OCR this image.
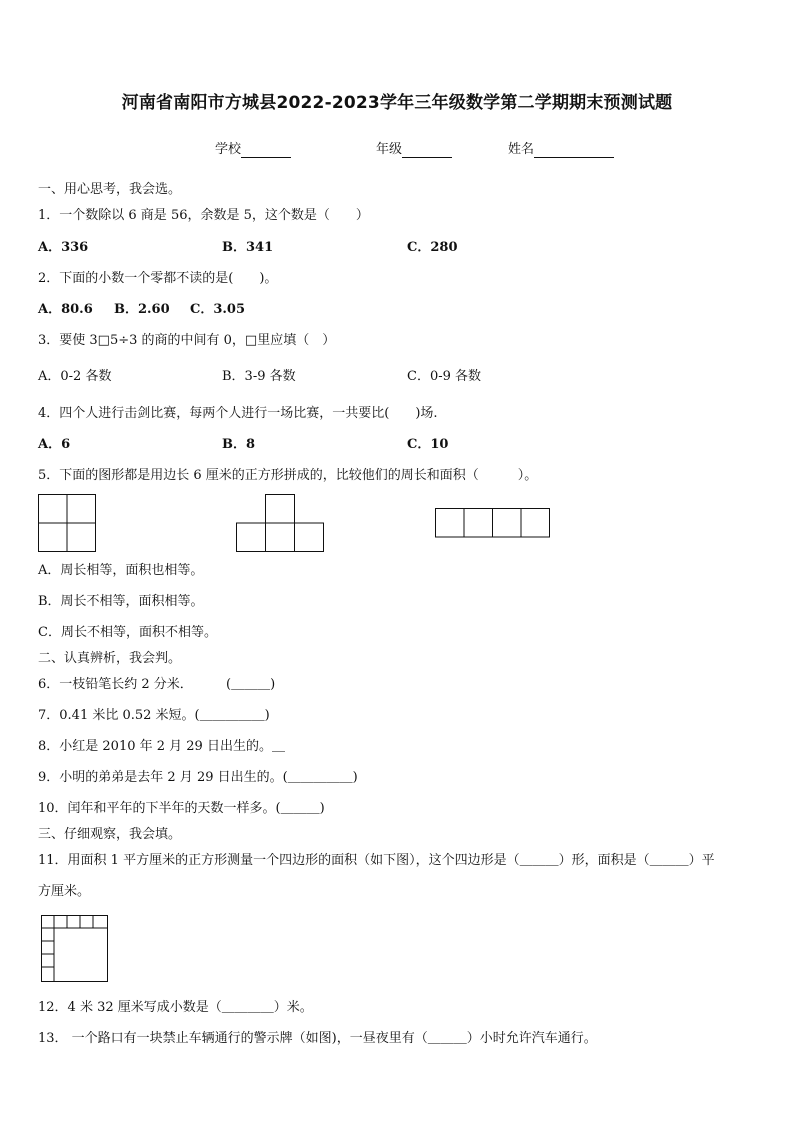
河南省南阳市方城县2022-2023学年三年级数学第二学期期末预测试题
学校	年级	姓名
一、用心思考，我会选。
1．一个数除以 6 商是 56，余数是 5，这个数是（　　）
A．336	B．341	C．280
2．下面的小数一个零都不读的是(　　)。
A．80.6 B．2.60 C．3.05
3．要使 3□5÷3 的商的中间有 0，□里应填（　）
A．0-2 各数	B．3-9 各数	C．0-9 各数
4．四个人进行击剑比赛，每两个人进行一场比赛，一共要比(　　)场.
A．6	B．8	C．10
5．下面的图形都是用边长 6 厘米的正方形拼成的，比较他们的周长和面积（　　　）。
A．周长相等，面积也相等。
B．周长不相等，面积相等。
C．周长不相等，面积不相等。
二、认真辨析，我会判。
6．一枝铅笔长约 2 分米．	(＿＿＿)
7．0.41 米比 0.52 米短。(＿＿＿＿＿)
8．小红是 2010 年 2 月 29 日出生的。＿
9．小明的弟弟是去年 2 月 29 日出生的。(＿＿＿＿＿)
10．闰年和平年的下半年的天数一样多。(＿＿＿)
三、仔细观察，我会填。
11．用面积 1 平方厘米的正方形测量一个四边形的面积（如下图），这个四边形是（＿＿＿）形，面积是（＿＿＿）平
方厘米。
12．4 米 32 厘米写成小数是（＿＿＿＿）米。
13． 一个路口有一块禁止车辆通行的警示牌（如图)，一昼夜里有（＿＿＿）小时允许汽车通行。
